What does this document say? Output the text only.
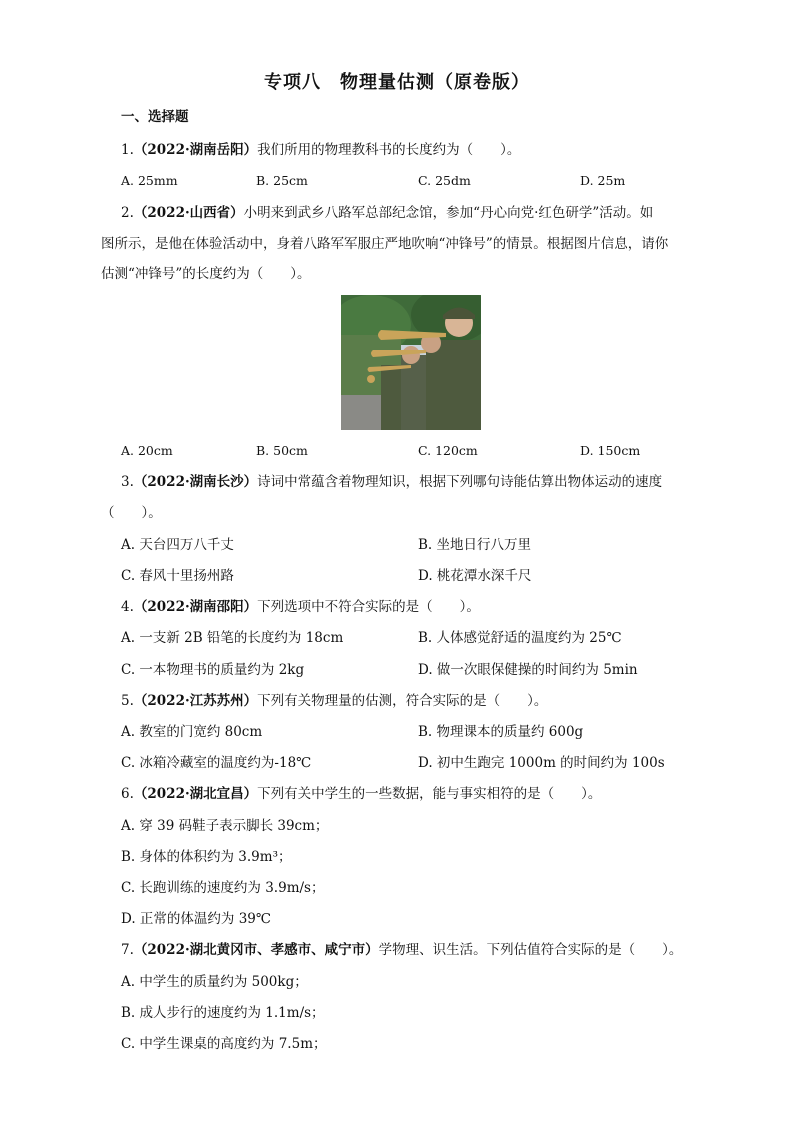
专项八　物理量估测（原卷版）
一、选择题
1.（2022·湖南岳阳）我们所用的物理教科书的长度约为（　　）。
A. 25mm	B. 25cm	C. 25dm	D. 25m
2.（2022·山西省）小明来到武乡八路军总部纪念馆，参加“丹心向党·红色研学”活动。如
图所示，是他在体验活动中，身着八路军军服庄严地吹响“冲锋号”的情景。根据图片信息，请你
估测“冲锋号”的长度约为（　　）。
A. 20cm	B. 50cm	C. 120cm	D. 150cm
3.（2022·湖南长沙）诗词中常蕴含着物理知识，根据下列哪句诗能估算出物体运动的速度
（　　）。
A. 天台四万八千丈	B. 坐地日行八万里
C. 春风十里扬州路	D. 桃花潭水深千尺
4.（2022·湖南邵阳）下列选项中不符合实际的是（　　）。
A. 一支新 2B 铅笔的长度约为 18cm	B. 人体感觉舒适的温度约为 25℃
C. 一本物理书的质量约为 2kg	D. 做一次眼保健操的时间约为 5min
5.（2022·江苏苏州）下列有关物理量的估测，符合实际的是（　　）。
A. 教室的门宽约 80cm	B. 物理课本的质量约 600g
C. 冰箱冷藏室的温度约为-18℃	D. 初中生跑完 1000m 的时间约为 100s
6.（2022·湖北宜昌）下列有关中学生的一些数据，能与事实相符的是（　　）。
A. 穿 39 码鞋子表示脚长 39cm；
B. 身体的体积约为 3.9m³；
C. 长跑训练的速度约为 3.9m/s；
D. 正常的体温约为 39℃
7.（2022·湖北黄冈市、孝感市、咸宁市）学物理、识生活。下列估值符合实际的是（　　）。
A. 中学生的质量约为 500kg；
B. 成人步行的速度约为 1.1m/s；
C. 中学生课桌的高度约为 7.5m；
